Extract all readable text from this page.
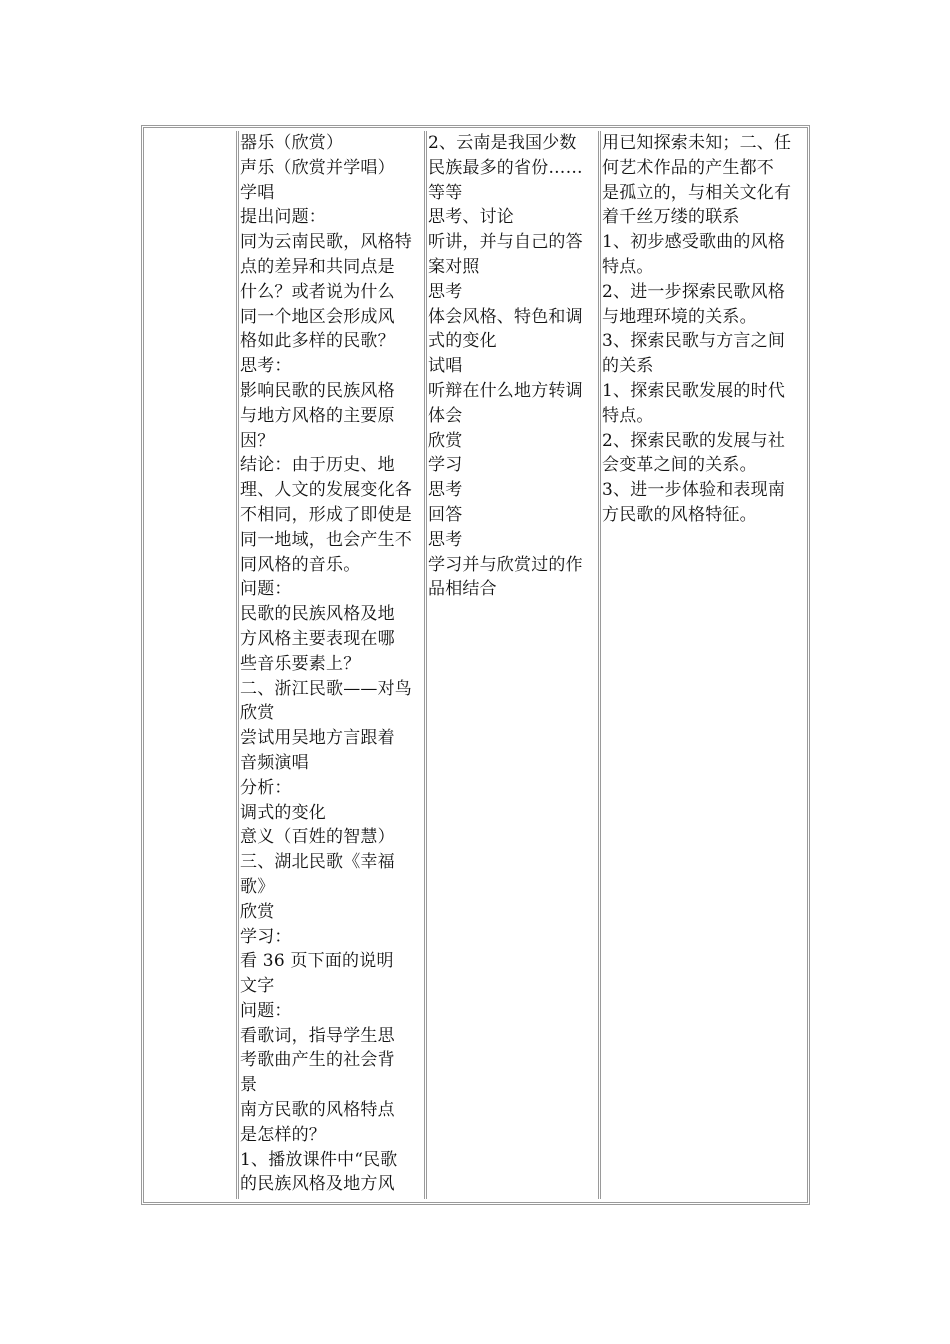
器乐（欣赏）
声乐（欣赏并学唱）
学唱
提出问题：
同为云南民歌，风格特
点的差异和共同点是
什么？或者说为什么
同一个地区会形成风
格如此多样的民歌？
思考：
影响民歌的民族风格
与地方风格的主要原
因？
结论：由于历史、地
理、人文的发展变化各
不相同，形成了即使是
同一地域，也会产生不
同风格的音乐。
问题：
民歌的民族风格及地
方风格主要表现在哪
些音乐要素上？
二、浙江民歌——对鸟
欣赏
尝试用吴地方言跟着
音频演唱
分析：
调式的变化
意义（百姓的智慧）
三、湖北民歌《幸福
歌》
欣赏
学习：
看 36 页下面的说明
文字
问题：
看歌词，指导学生思
考歌曲产生的社会背
景
南方民歌的风格特点
是怎样的？
1、播放课件中“民歌
的民族风格及地方风
2、云南是我国少数
民族最多的省份……
等等
思考、讨论
听讲，并与自己的答
案对照
思考
体会风格、特色和调
式的变化
试唱
听辩在什么地方转调
体会
欣赏
学习
思考
回答
思考
学习并与欣赏过的作
品相结合
用已知探索未知；二、任
何艺术作品的产生都不
是孤立的，与相关文化有
着千丝万缕的联系
1、初步感受歌曲的风格
特点。
2、进一步探索民歌风格
与地理环境的关系。
3、探索民歌与方言之间
的关系
1、探索民歌发展的时代
特点。
2、探索民歌的发展与社
会变革之间的关系。
3、进一步体验和表现南
方民歌的风格特征。
